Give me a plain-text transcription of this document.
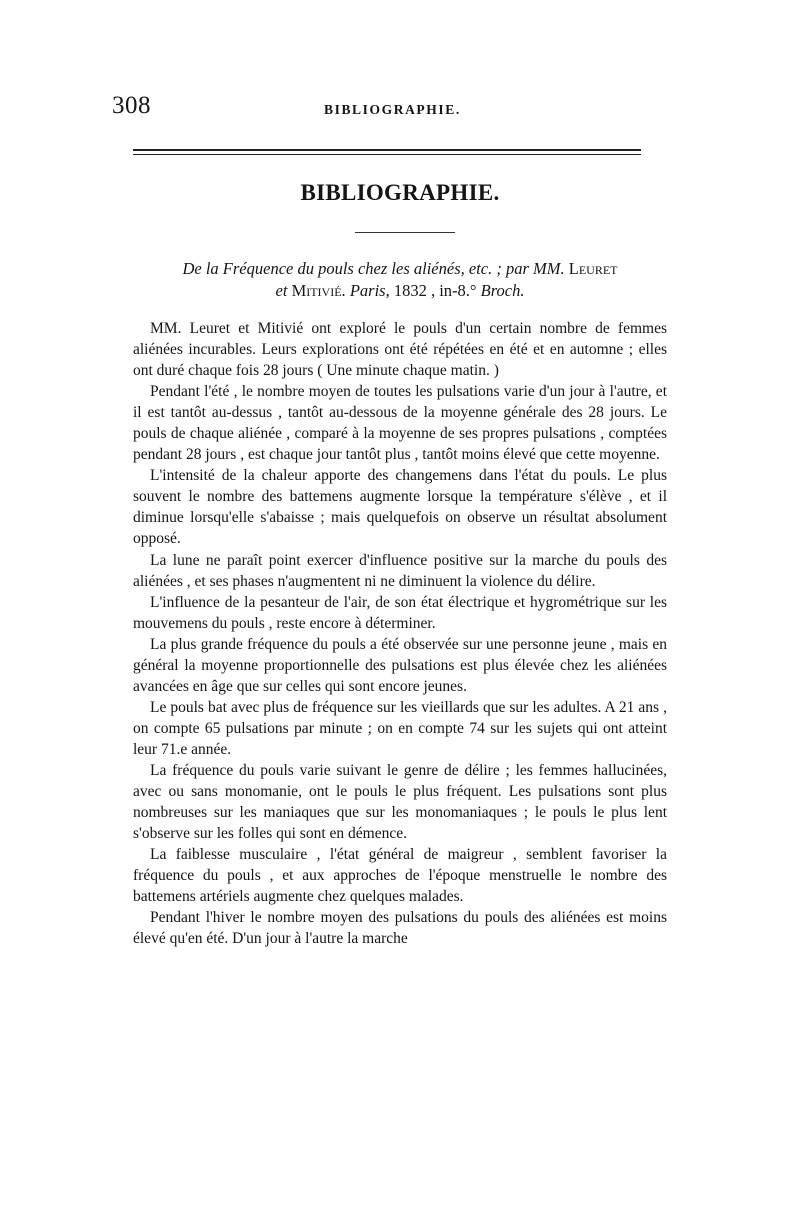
308	BIBLIOGRAPHIE.
BIBLIOGRAPHIE.
De la Fréquence du pouls chez les aliénés, etc. ; par MM. Leuret
et Mitivié. Paris, 1832 , in-8.° Broch.

MM. Leuret et Mitivié ont exploré le pouls d'un certain nombre de femmes aliénées incurables. Leurs explorations ont été répétées en été et en automne ; elles ont duré chaque fois 28 jours ( Une minute chaque matin. )

Pendant l'été , le nombre moyen de toutes les pulsations varie d'un jour à l'autre, et il est tantôt au-dessus , tantôt au-dessous de la moyenne générale des 28 jours. Le pouls de chaque aliénée , comparé à la moyenne de ses propres pulsations , comptées pendant 28 jours , est chaque jour tantôt plus , tantôt moins élevé que cette moyenne.

L'intensité de la chaleur apporte des changemens dans l'état du pouls. Le plus souvent le nombre des battemens augmente lorsque la température s'élève , et il diminue lorsqu'elle s'abaisse ; mais quelquefois on observe un résultat absolument opposé.

La lune ne paraît point exercer d'influence positive sur la marche du pouls des aliénées , et ses phases n'augmentent ni ne diminuent la violence du délire.

L'influence de la pesanteur de l'air, de son état électrique et hygrométrique sur les mouvemens du pouls , reste encore à déterminer.

La plus grande fréquence du pouls a été observée sur une personne jeune , mais en général la moyenne proportionnelle des pulsations est plus élevée chez les aliénées avancées en âge que sur celles qui sont encore jeunes.

Le pouls bat avec plus de fréquence sur les vieillards que sur les adultes. A 21 ans , on compte 65 pulsations par minute ; on en compte 74 sur les sujets qui ont atteint leur 71.e année.

La fréquence du pouls varie suivant le genre de délire ; les femmes hallucinées, avec ou sans monomanie, ont le pouls le plus fréquent. Les pulsations sont plus nombreuses sur les maniaques que sur les monomaniaques ; le pouls le plus lent s'observe sur les folles qui sont en démence.

La faiblesse musculaire , l'état général de maigreur , semblent favoriser la fréquence du pouls , et aux approches de l'époque menstruelle le nombre des battemens artériels augmente chez quelques malades.

Pendant l'hiver le nombre moyen des pulsations du pouls des aliénées est moins élevé qu'en été. D'un jour à l'autre la marche
